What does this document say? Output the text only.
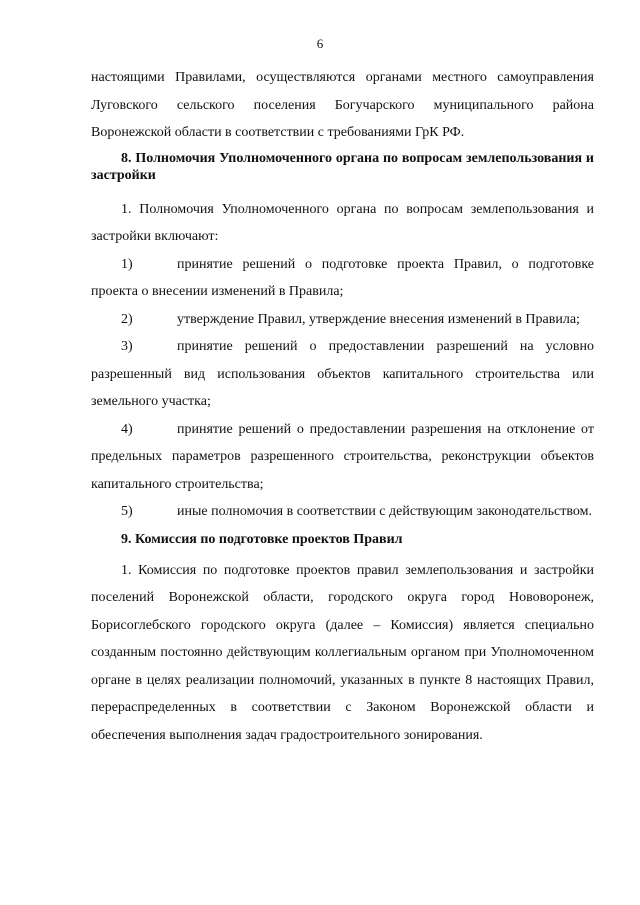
6

настоящими Правилами, осуществляются органами местного самоуправления Луговского сельского поселения Богучарского муниципального района Воронежской области в соответствии с требованиями ГрК РФ.

8. Полномочия Уполномоченного органа по вопросам землепользования и застройки

1. Полномочия Уполномоченного органа по вопросам землепользования и застройки включают:

1)	принятие решений о подготовке проекта Правил, о подготовке проекта о внесении изменений в Правила;

2)	утверждение Правил, утверждение внесения изменений в Правила;

3)	принятие решений о предоставлении разрешений на условно разрешенный вид использования объектов капитального строительства или земельного участка;

4)	принятие решений о предоставлении разрешения на отклонение от предельных параметров разрешенного строительства, реконструкции объектов капитального строительства;

5)	иные полномочия в соответствии с действующим законодательством.

9. Комиссия по подготовке проектов Правил

1. Комиссия по подготовке проектов правил землепользования и застройки поселений Воронежской области, городского округа город Нововоронеж, Борисоглебского городского округа (далее – Комиссия) является специально созданным постоянно действующим коллегиальным органом при Уполномоченном органе в целях реализации полномочий, указанных в пункте 8 настоящих Правил, перераспределенных в соответствии с Законом Воронежской области и обеспечения выполнения задач градостроительного зонирования.
